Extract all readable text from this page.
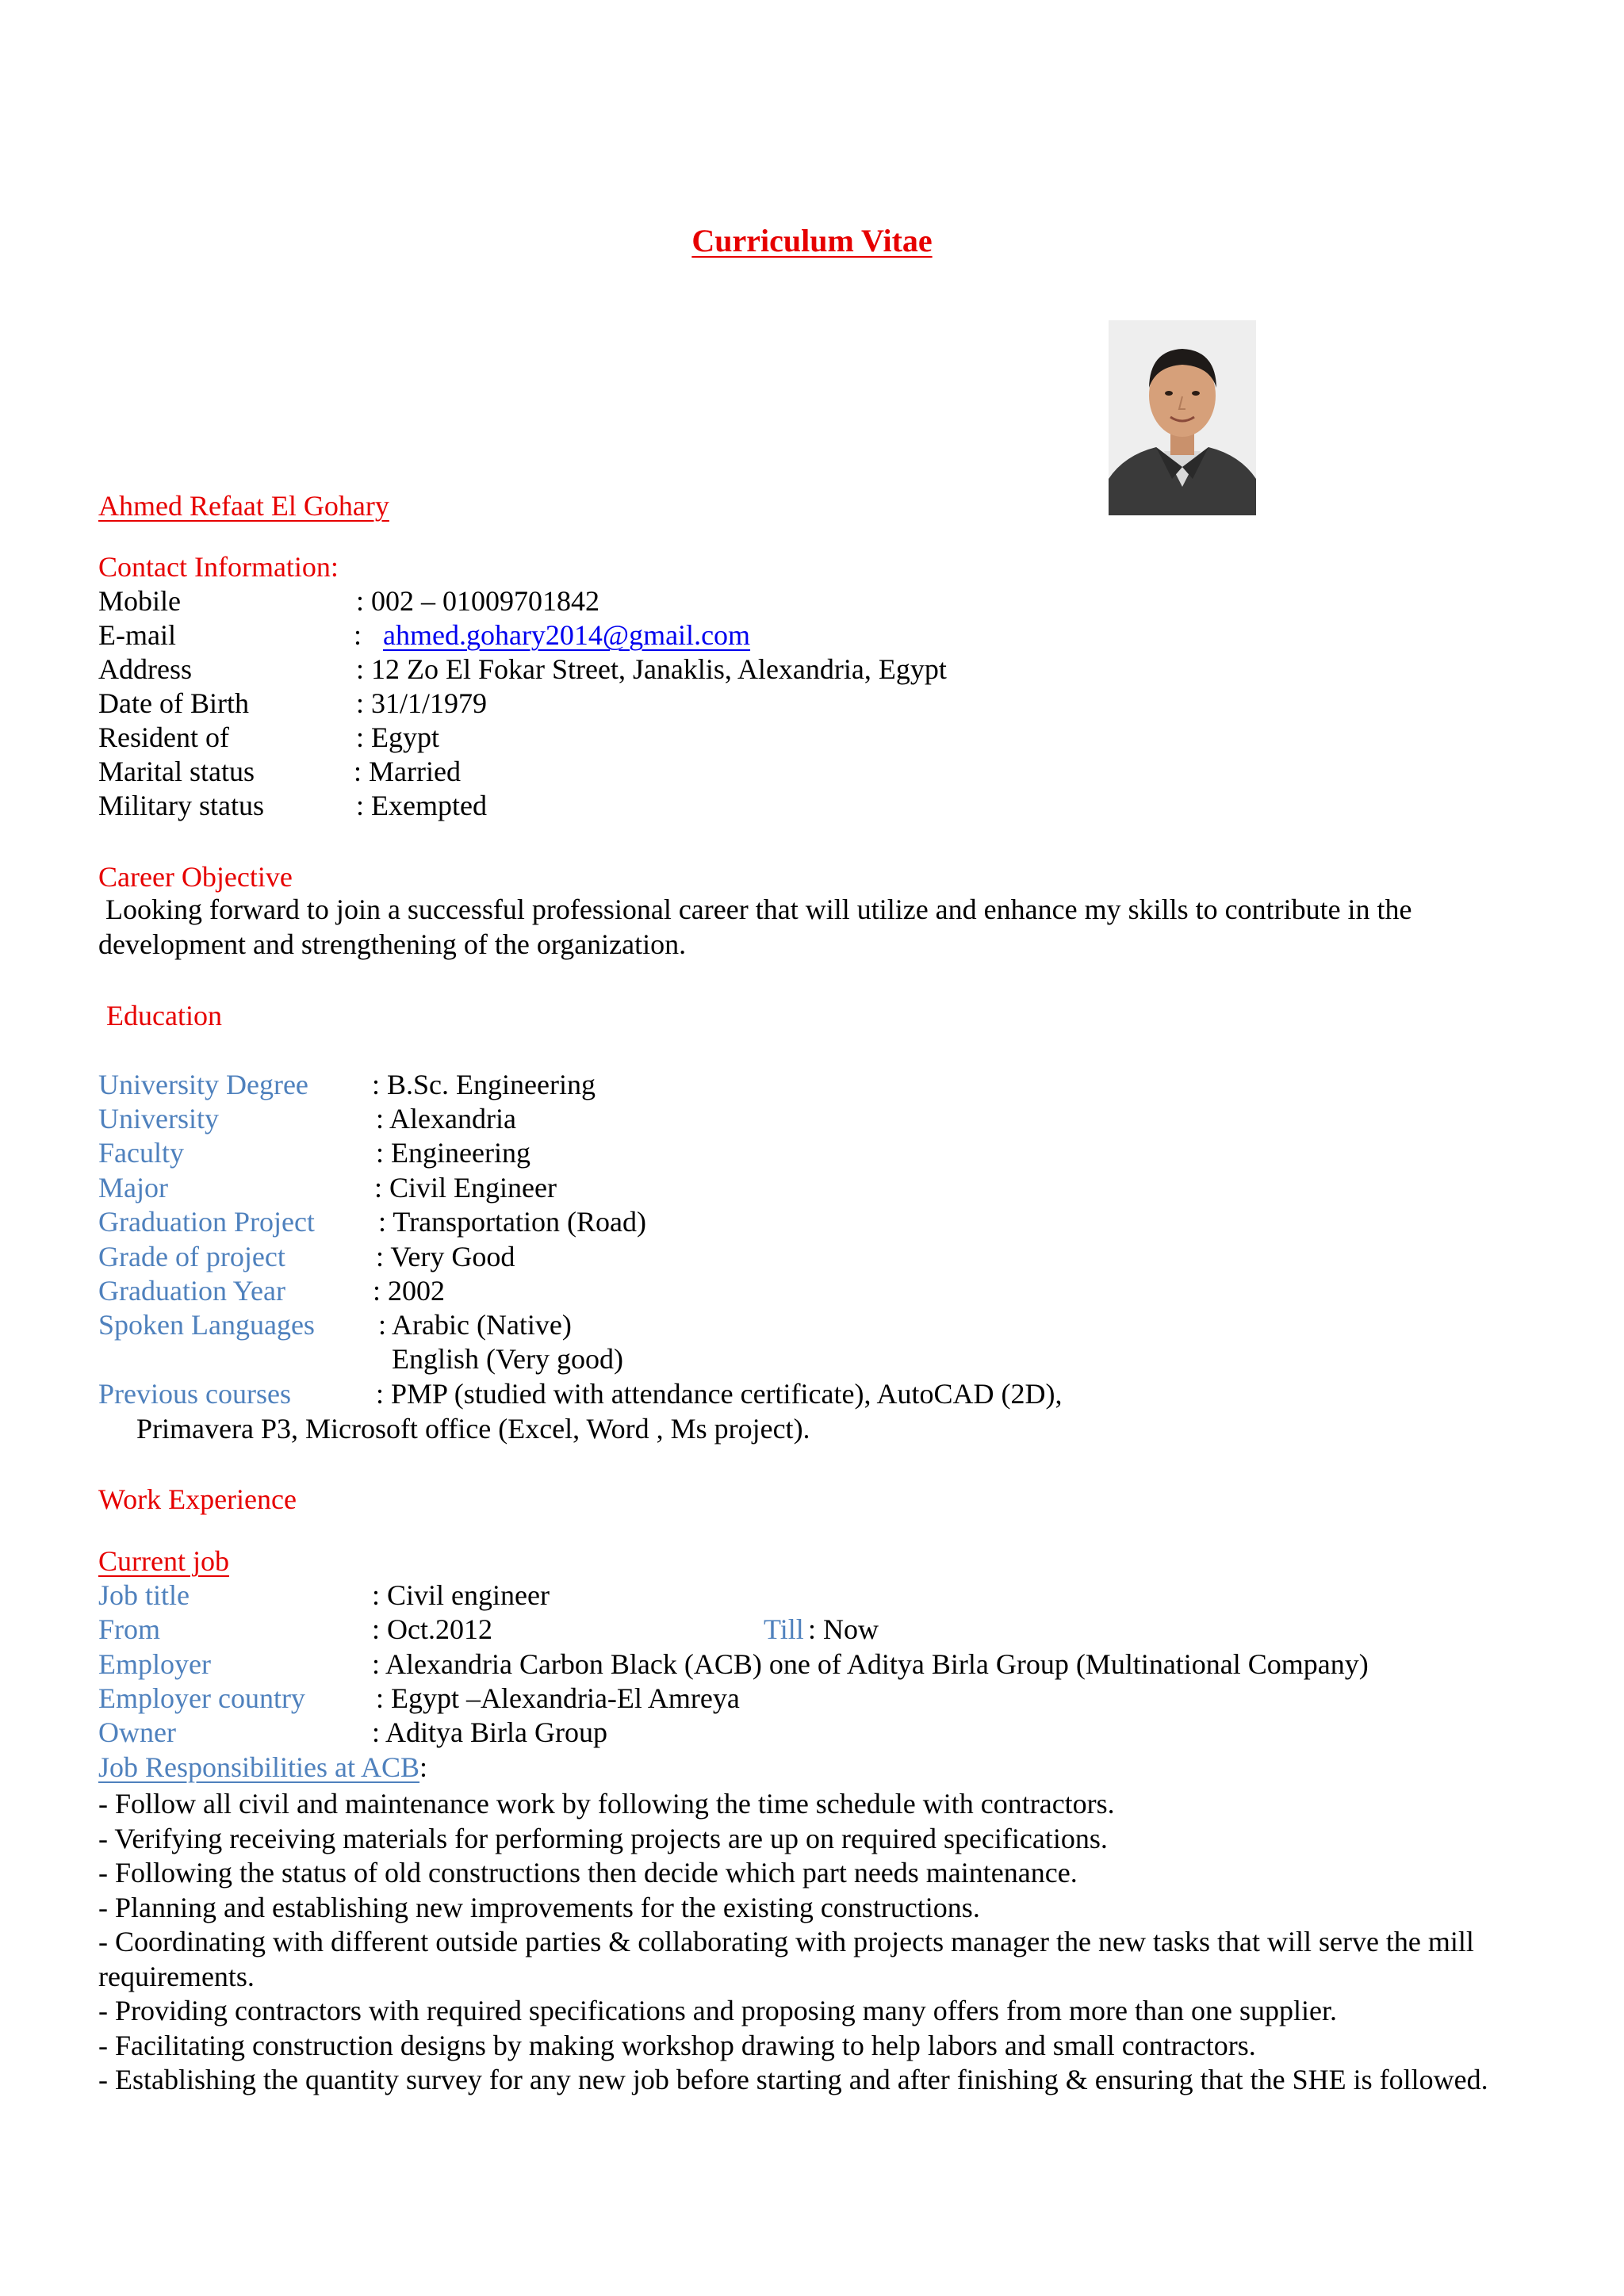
Curriculum Vitae
Ahmed Refaat El Gohary
Contact Information:
Mobile	: 002 – 01009701842
E-mail	: ahmed.gohary2014@gmail.com
Address	: 12 Zo El Fokar Street, Janaklis, Alexandria, Egypt
Date of Birth	: 31/1/1979
Resident of	: Egypt
Marital status	: Married
Military status	: Exempted
Career Objective
Looking forward to join a successful professional career that will utilize and enhance my skills to contribute in the development and strengthening of the organization.
Education
University Degree : B.Sc. Engineering
University	: Alexandria
Faculty	: Engineering
Major	: Civil Engineer
Graduation Project : Transportation (Road)
Grade of project	: Very Good
Graduation Year	: 2002
Spoken Languages : Arabic (Native)
English (Very good)
Previous courses	: PMP (studied with attendance certificate), AutoCAD (2D),
Primavera P3, Microsoft office (Excel, Word , Ms project).
Work Experience
Current job
Job title	: Civil engineer
From	: Oct.2012	Till : Now
Employer	: Alexandria Carbon Black (ACB) one of Aditya Birla Group (Multinational Company)
Employer country : Egypt –Alexandria-El Amreya
Owner	: Aditya Birla Group
Job Responsibilities at ACB:
- Follow all civil and maintenance work by following the time schedule with contractors.
- Verifying receiving materials for performing projects are up on required specifications.
- Following the status of old constructions then decide which part needs maintenance.
- Planning and establishing new improvements for the existing constructions.
- Coordinating with different outside parties & collaborating with projects manager the new tasks that will serve the mill requirements.
- Providing contractors with required specifications and proposing many offers from more than one supplier.
- Facilitating construction designs by making workshop drawing to help labors and small contractors.
- Establishing the quantity survey for any new job before starting and after finishing & ensuring that the SHE is followed.
